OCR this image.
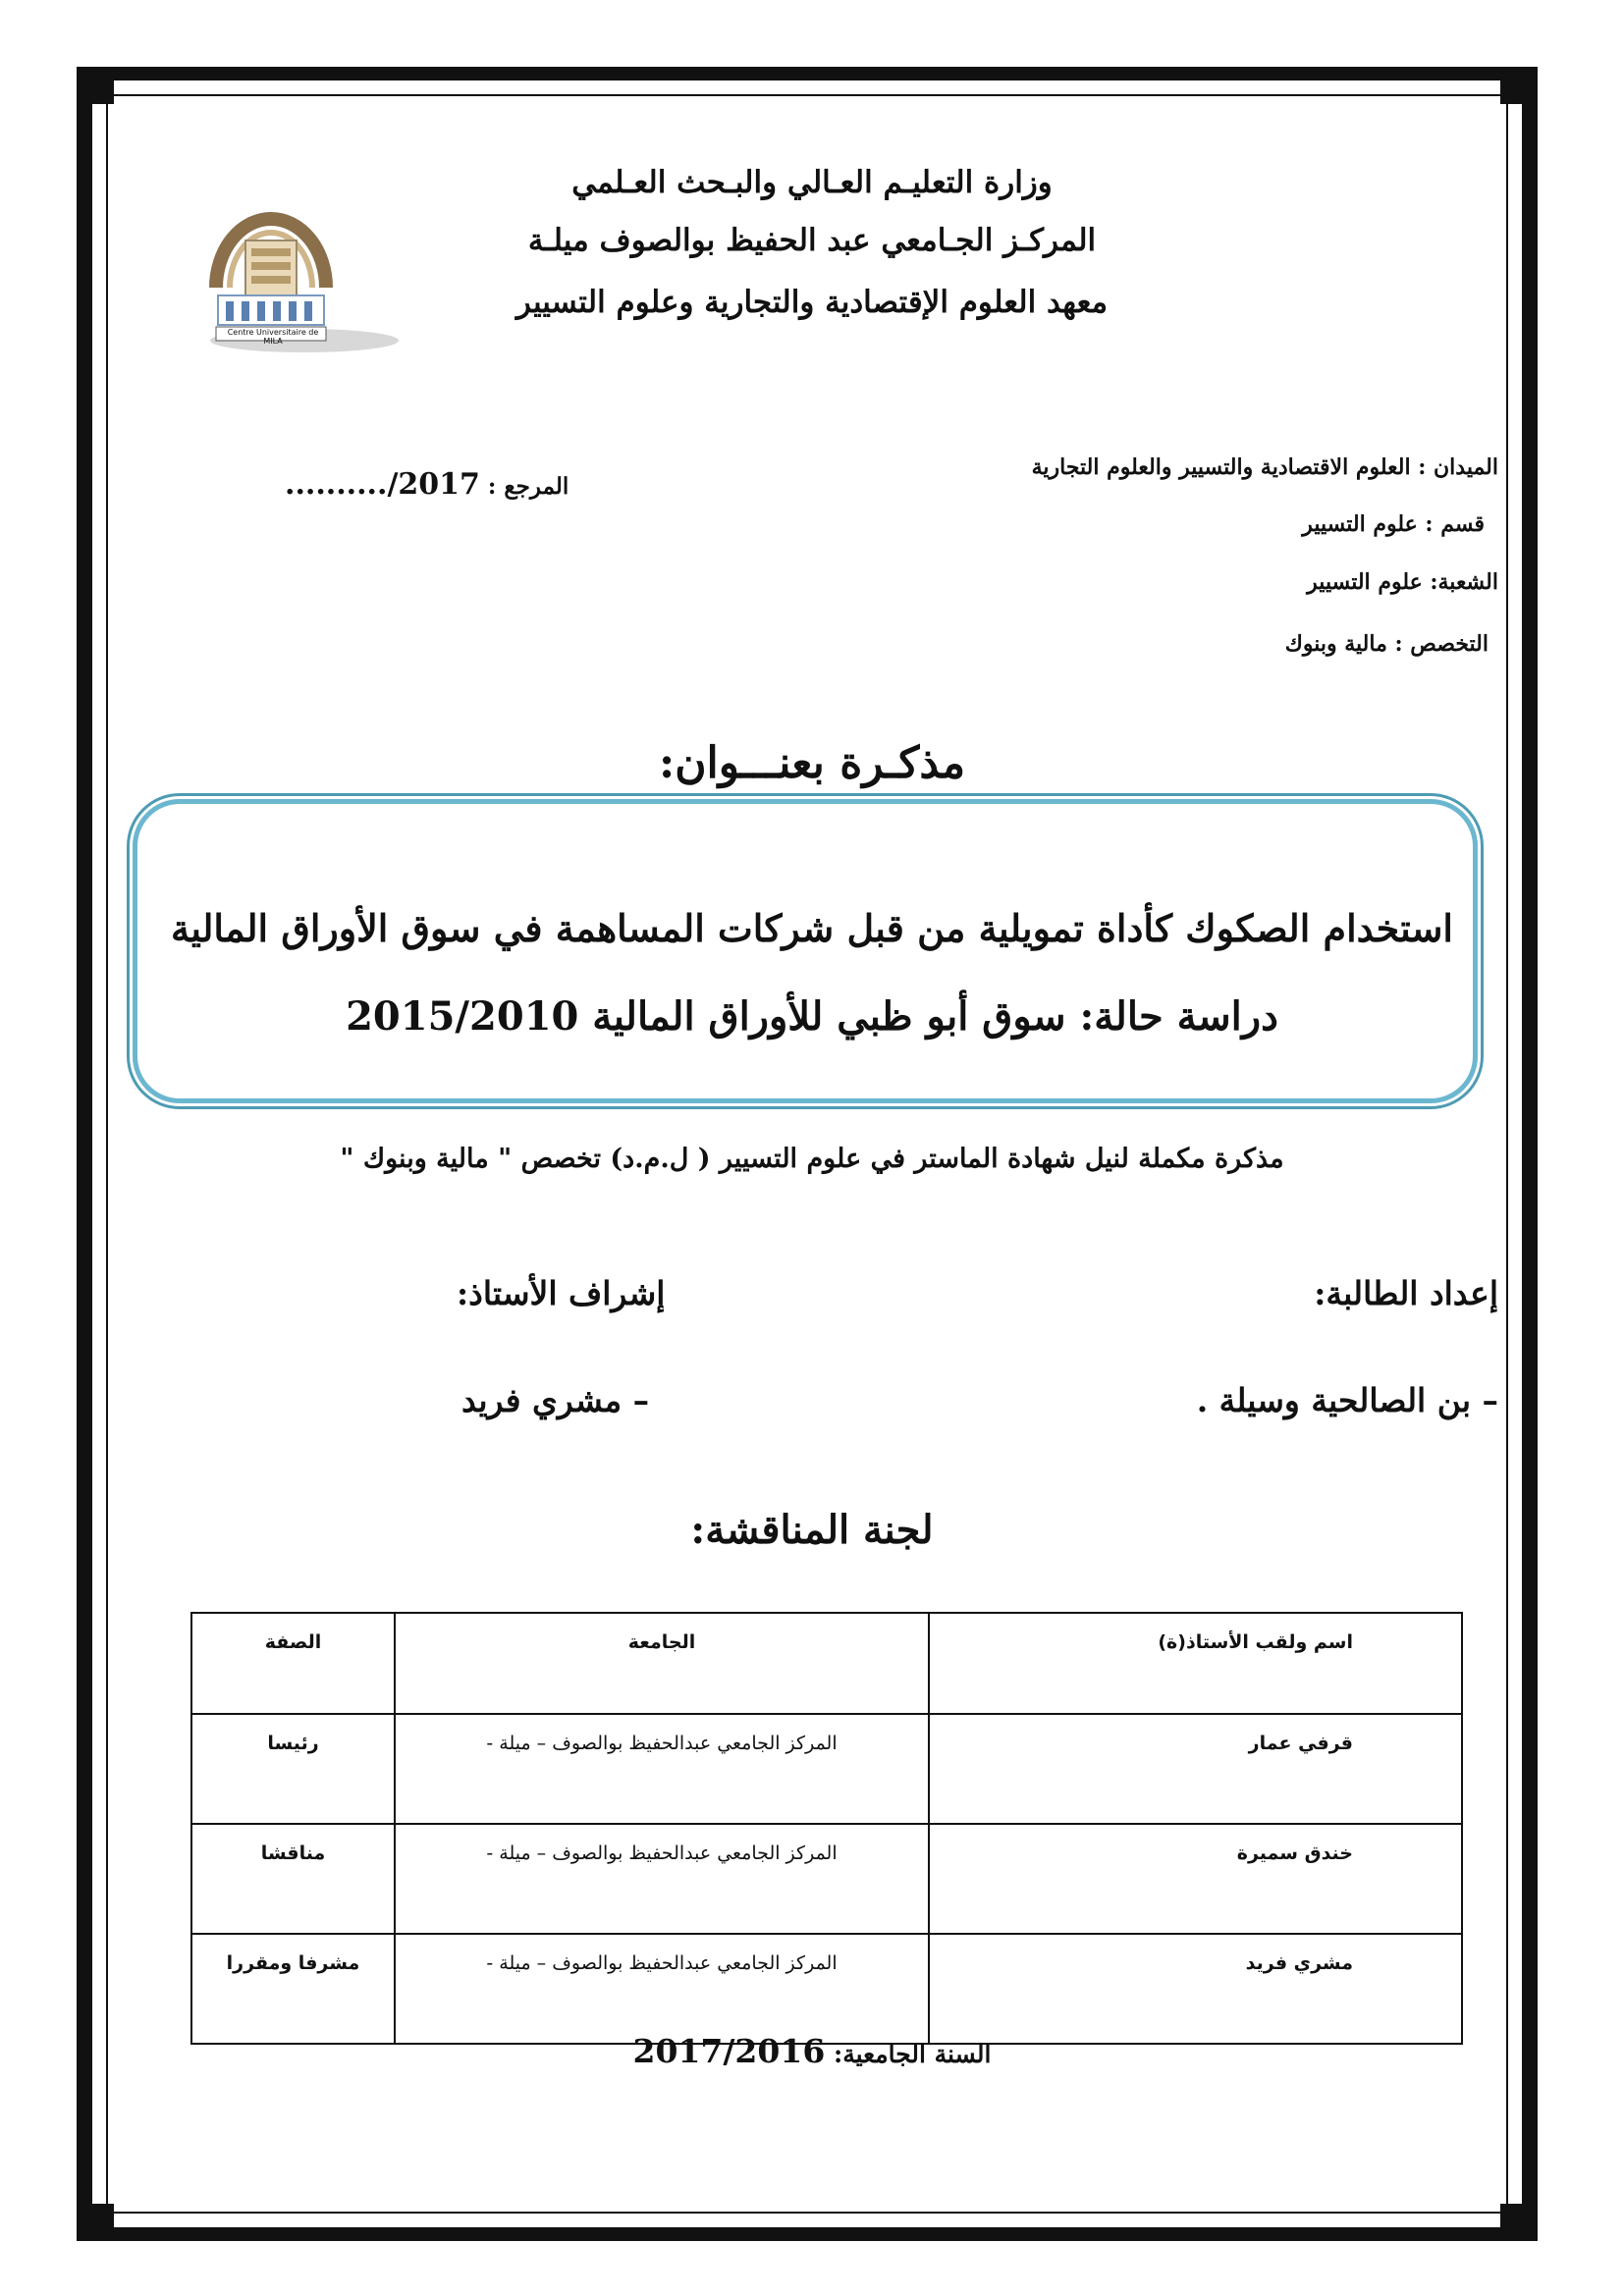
Centre Universitaire de MILA
وزارة التعليـم العـالي والبـحث العـلمي
المركـز الجـامعي عبد الحفيظ بوالصوف ميلـة
معهد العلوم الإقتصادية والتجارية وعلوم التسيير
الميدان : العلوم الاقتصادية والتسيير والعلوم التجارية
قسم : علوم التسيير
الشعبة: علوم التسيير
التخصص : مالية وبنوك
المرجع : ........../2017
مذكـرة بعنـــوان:
استخدام الصكوك كأداة تمويلية من قبل شركات المساهمة في سوق الأوراق المالية
دراسة حالة: سوق أبو ظبي للأوراق المالية 2015/2010
مذكرة مكملة لنيل شهادة الماستر في علوم التسيير ( ل.م.د) تخصص " مالية وبنوك "
إعداد الطالبة:
إشراف الأستاذ:
– بن الصالحية وسيلة .
– مشري فريد
لجنة المناقشة:
اسم ولقب الأستاذ(ة)	الجامعة	الصفة
قرفي عمار	المركز الجامعي عبدالحفيظ بوالصوف – ميلة -	رئيسا
خندق سميرة	المركز الجامعي عبدالحفيظ بوالصوف – ميلة -	مناقشا
مشري فريد	المركز الجامعي عبدالحفيظ بوالصوف – ميلة -	مشرفا ومقررا
السنة الجامعية: 2017/2016
